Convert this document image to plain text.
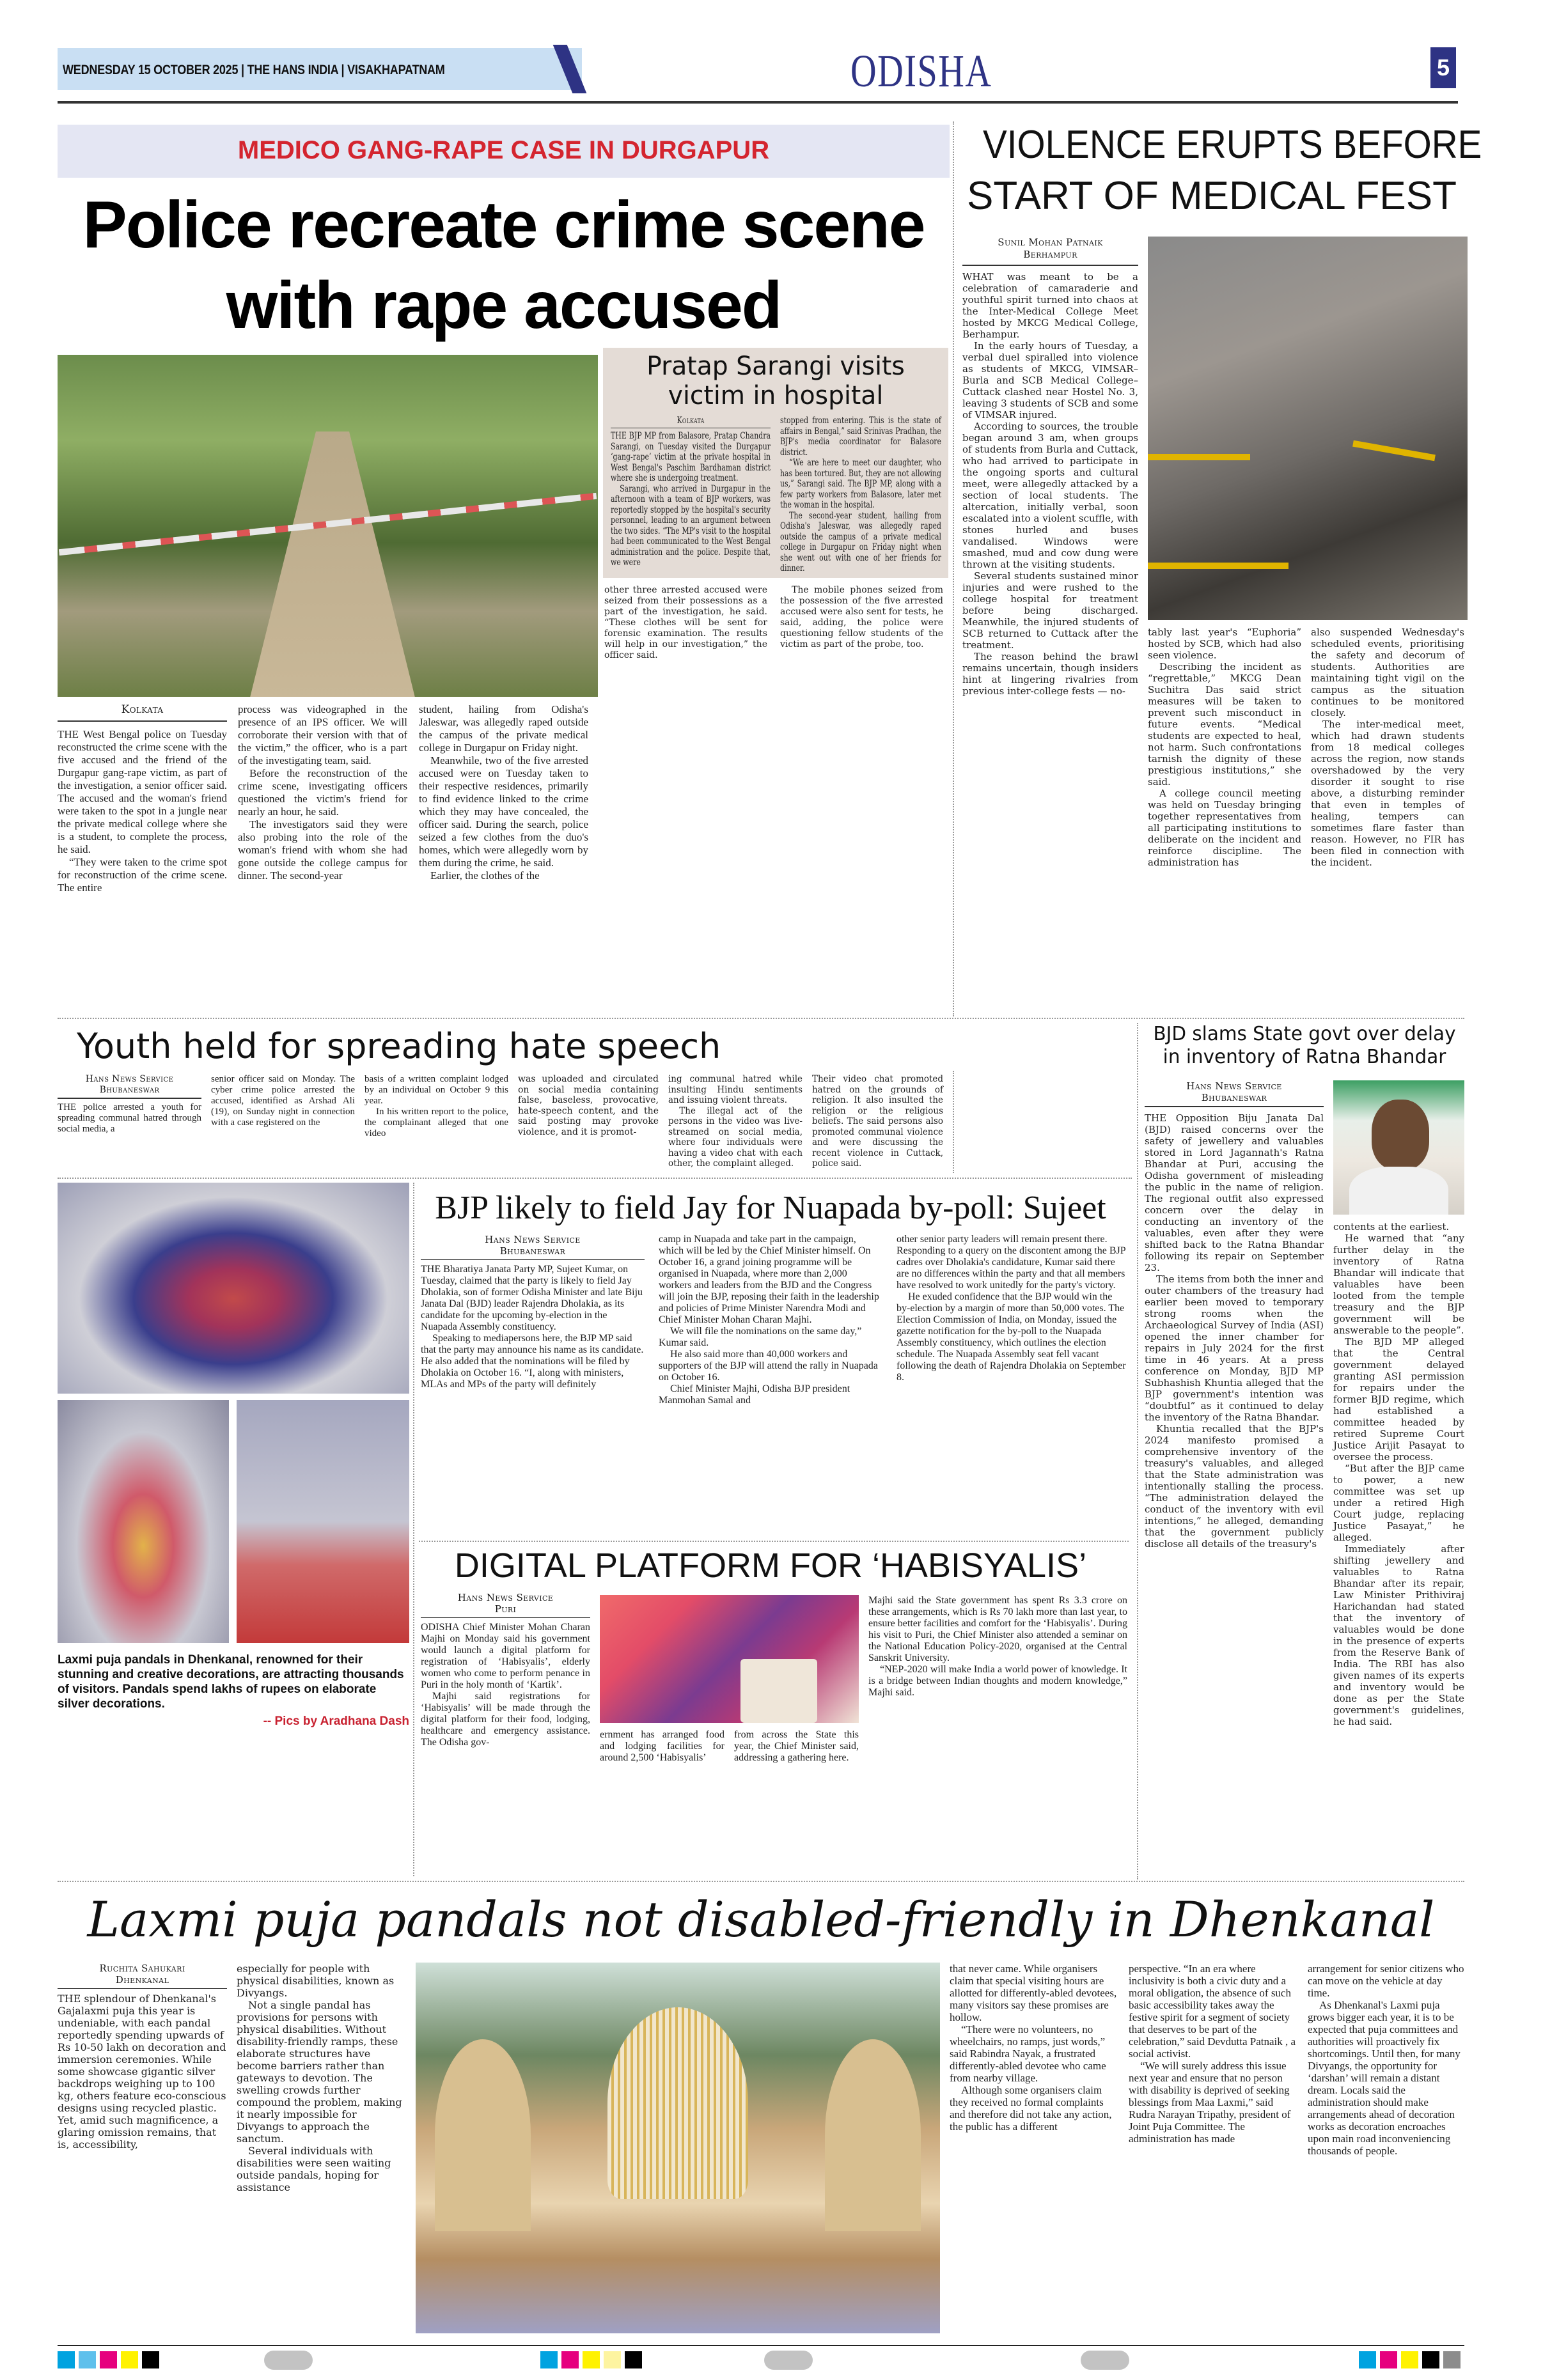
WEDNESDAY 15 OCTOBER 2025 | THE HANS INDIA | VISAKHAPATNAM	ODISHA	5
MEDICO GANG-RAPE CASE IN DURGAPUR
Police recreate crime scene
with rape accused
Kolkata

THE West Bengal police on Tuesday reconstructed the crime scene with the five accused and the friend of the Durgapur gang-rape victim, as part of the investigation, a senior officer said. The accused and the woman's friend were taken to the spot in a jungle near the private medical college where she is a student, to complete the process, he said.

“They were taken to the crime spot for reconstruction of the crime scene. The entire

process was videographed in the presence of an IPS officer. We will corroborate their version with that of the victim,” the officer, who is a part of the investigating team, said.

Before the reconstruction of the crime scene, investigating officers questioned the victim's friend for nearly an hour, he said.

The investigators said they were also probing into the role of the woman's friend with whom she had gone outside the college campus for dinner. The second-year

student, hailing from Odisha's Jaleswar, was allegedly raped outside the campus of the private medical college in Durgapur on Friday night.

Meanwhile, two of the five arrested accused were on Tuesday taken to their respective residences, primarily to find evidence linked to the crime which they may have concealed, the officer said. During the search, police seized a few clothes from the duo's homes, which were allegedly worn by them during the crime, he said.

Earlier, the clothes of the

Pratap Sarangi visits victim in hospital
Kolkata

THE BJP MP from Balasore, Pratap Chandra Sarangi, on Tuesday visited the Durgapur ‘gang-rape’ victim at the private hospital in West Bengal's Paschim Bardhaman district where she is undergoing treatment.

Sarangi, who arrived in Durgapur in the afternoon with a team of BJP workers, was reportedly stopped by the hospital's security personnel, leading to an argument between the two sides. “The MP's visit to the hospital had been communicated to the West Bengal administration and the police. Despite that, we were

stopped from entering. This is the state of affairs in Bengal,” said Srinivas Pradhan, the BJP's media coordinator for Balasore district.

“We are here to meet our daughter, who has been tortured. But, they are not allowing us,” Sarangi said. The BJP MP, along with a few party workers from Balasore, later met the woman in the hospital.

The second-year student, hailing from Odisha's Jaleswar, was allegedly raped outside the campus of a private medical college in Durgapur on Friday night when she went out with one of her friends for dinner.

other three arrested accused were seized from their possessions as a part of the investigation, he said. “These clothes will be sent for forensic examination. The results will help in our investigation,” the officer said.

The mobile phones seized from the possession of the five arrested accused were also sent for tests, he said, adding, the police were questioning fellow students of the victim as part of the probe, too.

VIOLENCE ERUPTS BEFORE
START OF MEDICAL FEST
Sunil Mohan Patnaik
Berhampur

WHAT was meant to be a celebration of camaraderie and youthful spirit turned into chaos at the Inter-Medical College Meet hosted by MKCG Medical College, Berhampur.

In the early hours of Tuesday, a verbal duel spiralled into violence as students of MKCG, VIMSAR–Burla and SCB Medical College–Cuttack clashed near Hostel No. 3, leaving 3 students of SCB and some of VIMSAR injured.

According to sources, the trouble began around 3 am, when groups of students from Burla and Cuttack, who had arrived to participate in the ongoing sports and cultural meet, were allegedly attacked by a section of local students. The altercation, initially verbal, soon escalated into a violent scuffle, with stones hurled and buses vandalised. Windows were smashed, mud and cow dung were thrown at the visiting students.

Several students sustained minor injuries and were rushed to the college hospital for treatment before being discharged. Meanwhile, the injured students of SCB returned to Cuttack after the treatment.

The reason behind the brawl remains uncertain, though insiders hint at lingering rivalries from previous inter-college fests — no-

tably last year's “Euphoria” hosted by SCB, which had also seen violence.

Describing the incident as “regrettable,” MKCG Dean Suchitra Das said strict measures will be taken to prevent such misconduct in future events. “Medical students are expected to heal, not harm. Such confrontations tarnish the dignity of these prestigious institutions,” she said.

A college council meeting was held on Tuesday bringing together representatives from all participating institutions to deliberate on the incident and reinforce discipline. The administration has

also suspended Wednesday's scheduled events, prioritising the safety and decorum of students. Authorities are maintaining tight vigil on the campus as the situation continues to be monitored closely.

The inter-medical meet, which had drawn students from 18 medical colleges across the region, now stands overshadowed by the very disorder it sought to rise above, a disturbing reminder that even in temples of healing, tempers can sometimes flare faster than reason. However, no FIR has been filed in connection with the incident.

Youth held for spreading hate speech
Hans News Service
Bhubaneswar

THE police arrested a youth for spreading communal hatred through social media, a

senior officer said on Monday. The cyber crime police arrested the accused, identified as Arshad Ali (19), on Sunday night in connection with a case registered on the

basis of a written complaint lodged by an individual on October 9 this year.

In his written report to the police, the complainant alleged that one video

was uploaded and circulated on social media containing false, baseless, provocative, hate-speech content, and the said posting may provoke violence, and it is promot-

ing communal hatred while insulting Hindu sentiments and issuing violent threats.

The illegal act of the persons in the video was live-streamed on social media, where four individuals were having a video chat with each other, the complaint alleged.

Their video chat promoted hatred on the grounds of religion. It also insulted the religion or the religious beliefs. The said persons also promoted communal violence and were discussing the recent violence in Cuttack, police said.

BJD slams State govt over delay in inventory of Ratna Bhandar
Hans News Service
Bhubaneswar

THE Opposition Biju Janata Dal (BJD) raised concerns over the safety of jewellery and valuables stored in Lord Jagannath's Ratna Bhandar at Puri, accusing the Odisha government of misleading the public in the name of religion. The regional outfit also expressed concern over the delay in conducting an inventory of the valuables, even after they were shifted back to the Ratna Bhandar following its repair on September 23.

The items from both the inner and outer chambers of the treasury had earlier been moved to temporary strong rooms when the Archaeological Survey of India (ASI) opened the inner chamber for repairs in July 2024 for the first time in 46 years. At a press conference on Monday, BJD MP Subhashish Khuntia alleged that the BJP government's intention was “doubtful” as it continued to delay the inventory of the Ratna Bhandar.

Khuntia recalled that the BJP's 2024 manifesto promised a comprehensive inventory of the treasury's valuables, and alleged that the State administration was intentionally stalling the process. “The administration delayed the conduct of the inventory with evil intentions,” he alleged, demanding that the government publicly disclose all details of the treasury's

contents at the earliest.

He warned that “any further delay in the inventory of Ratna Bhandar will indicate that valuables have been looted from the temple treasury and the BJP government will be answerable to the people”.

The BJD MP alleged that the Central government delayed granting ASI permission for repairs under the former BJD regime, which had established a committee headed by retired Supreme Court Justice Arijit Pasayat to oversee the process.

“But after the BJP came to power, a new committee was set up under a retired High Court judge, replacing Justice Pasayat,” he alleged.

Immediately after shifting jewellery and valuables to Ratna Bhandar after its repair, Law Minister Prithiviraj Harichandan had stated that the inventory of valuables would be done in the presence of experts from the Reserve Bank of India. The RBI has also given names of its experts and inventory would be done as per the State government's guidelines, he had said.

Laxmi puja pandals in Dhenkanal, renowned for their stunning and creative decorations, are attracting thousands of visitors. Pandals spend lakhs of rupees on elaborate silver decorations.
-- Pics by Aradhana Dash
BJP likely to field Jay for Nuapada by-poll: Sujeet
Hans News Service
Bhubaneswar

THE Bharatiya Janata Party MP, Sujeet Kumar, on Tuesday, claimed that the party is likely to field Jay Dholakia, son of former Odisha Minister and late Biju Janata Dal (BJD) leader Rajendra Dholakia, as its candidate for the upcoming by-election in the Nuapada Assembly constituency.

Speaking to mediapersons here, the BJP MP said that the party may announce his name as its candidate. He also added that the nominations will be filed by Dholakia on October 16. “I, along with ministers, MLAs and MPs of the party will definitely

camp in Nuapada and take part in the campaign, which will be led by the Chief Minister himself. On October 16, a grand joining programme will be organised in Nuapada, where more than 2,000 workers and leaders from the BJD and the Congress will join the BJP, reposing their faith in the leadership and policies of Prime Minister Narendra Modi and Chief Minister Mohan Charan Majhi.

We will file the nominations on the same day,” Kumar said.

He also said more than 40,000 workers and supporters of the BJP will attend the rally in Nuapada on October 16.

Chief Minister Majhi, Odisha BJP president Manmohan Samal and

other senior party leaders will remain present there. Responding to a query on the discontent among the BJP cadres over Dholakia's candidature, Kumar said there are no differences within the party and that all members have resolved to work unitedly for the party's victory.

He exuded confidence that the BJP would win the by-election by a margin of more than 50,000 votes. The Election Commission of India, on Monday, issued the gazette notification for the by-poll to the Nuapada Assembly constituency, which outlines the election schedule. The Nuapada Assembly seat fell vacant following the death of Rajendra Dholakia on September 8.

DIGITAL PLATFORM FOR ‘HABISYALIS’
Hans News Service
Puri

ODISHA Chief Minister Mohan Charan Majhi on Monday said his government would launch a digital platform for registration of ‘Habisyalis’, elderly women who come to perform penance in Puri in the holy month of ‘Kartik’.

Majhi said registrations for ‘Habisyalis’ will be made through the digital platform for their food, lodging, healthcare and emergency assistance. The Odisha gov-

ernment has arranged food and lodging facilities for around 2,500 ‘Habisyalis’

from across the State this year, the Chief Minister said, addressing a gathering here.

Majhi said the State government has spent Rs 3.3 crore on these arrangements, which is Rs 70 lakh more than last year, to ensure better facilities and comfort for the ‘Habisyalis’. During his visit to Puri, the Chief Minister also attended a seminar on the National Education Policy-2020, organised at the Central Sanskrit University.

“NEP-2020 will make India a world power of knowledge. It is a bridge between Indian thoughts and modern knowledge,” Majhi said.

Laxmi puja pandals not disabled-friendly in Dhenkanal
Ruchita Sahukari
Dhenkanal

THE splendour of Dhenkanal's Gajalaxmi puja this year is undeniable, with each pandal reportedly spending upwards of Rs 10-50 lakh on decoration and immersion ceremonies. While some showcase gigantic silver backdrops weighing up to 100 kg, others feature eco-conscious designs using recycled plastic. Yet, amid such magnificence, a glaring omission remains, that is, accessibility,

especially for people with physical disabilities, known as Divyangs.

Not a single pandal has provisions for persons with physical disabilities. Without disability-friendly ramps, these elaborate structures have become barriers rather than gateways to devotion. The swelling crowds further compound the problem, making it nearly impossible for Divyangs to approach the sanctum.

Several individuals with disabilities were seen waiting outside pandals, hoping for assistance

that never came. While organisers claim that special visiting hours are allotted for differently-abled devotees, many visitors say these promises are hollow.

“There were no volunteers, no wheelchairs, no ramps, just words,” said Rabindra Nayak, a frustrated differently-abled devotee who came from nearby village.

Although some organisers claim they received no formal complaints and therefore did not take any action, the public has a different

perspective. “In an era where inclusivity is both a civic duty and a moral obligation, the absence of such basic accessibility takes away the festive spirit for a segment of society that deserves to be part of the celebration,” said Devdutta Patnaik , a social activist.

“We will surely address this issue next year and ensure that no person with disability is deprived of seeking blessings from Maa Laxmi,” said Rudra Narayan Tripathy, president of Joint Puja Committee. The administration has made

arrangement for senior citizens who can move on the vehicle at day time.

As Dhenkanal's Laxmi puja grows bigger each year, it is to be expected that puja committees and authorities will proactively fix shortcomings. Until then, for many Divyangs, the opportunity for ‘darshan’ will remain a distant dream. Locals said the administration should make arrangements ahead of decoration works as decoration encroaches upon main road inconveniencing thousands of people.
